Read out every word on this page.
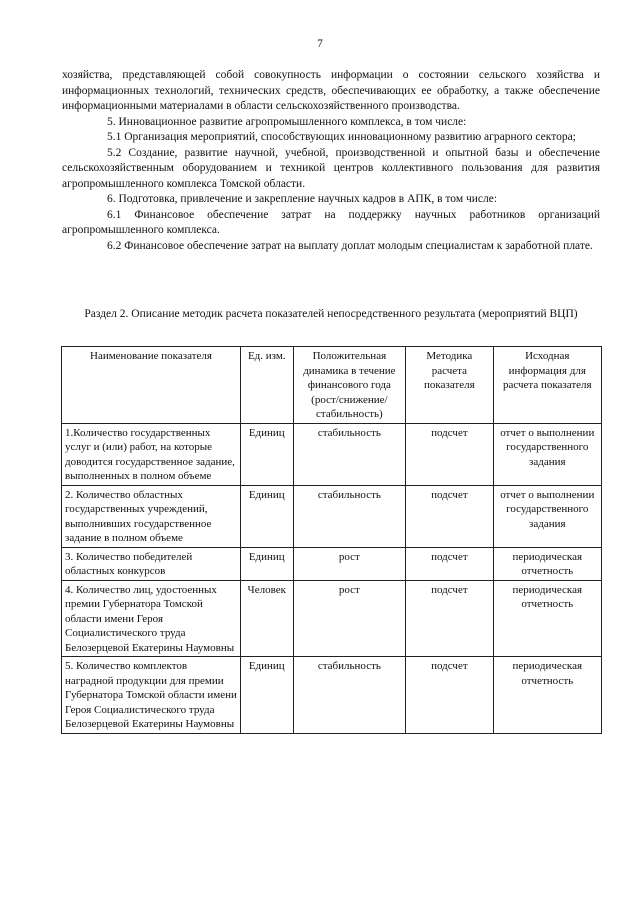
7

хозяйства, представляющей собой совокупность информации о состоянии сельского хозяйства и информационных технологий, технических средств, обеспечивающих ее обработку, а также обеспечение информационными материалами в области сельскохозяйственного производства.

5. Инновационное развитие агропромышленного комплекса, в том числе:

5.1 Организация мероприятий, способствующих инновационному развитию аграрного сектора;

5.2 Создание, развитие научной, учебной, производственной и опытной базы и обеспечение сельскохозяйственным оборудованием и техникой центров коллективного пользования для развития агропромышленного комплекса Томской области.

6. Подготовка, привлечение и закрепление научных кадров в АПК, в том числе:

6.1 Финансовое обеспечение затрат на поддержку научных работников организаций агропромышленного комплекса.

6.2 Финансовое обеспечение затрат на выплату доплат молодым специалистам к заработной плате.

Раздел 2. Описание методик расчета показателей непосредственного результата (мероприятий ВЦП)
Наименование показателя	Ед. изм.	Положительная динамика в течение финансового года (рост/снижение/стабильность)	Методика расчета показателя	Исходная информация для расчета показателя
1.Количество государственных услуг и (или) работ, на которые доводится государственное задание, выполненных в полном объеме	Единиц	стабильность	подсчет	отчет о выполнении государственного задания
2. Количество областных государственных учреждений, выполнивших государственное задание в полном объеме	Единиц	стабильность	подсчет	отчет о выполнении государственного задания
3. Количество победителей областных конкурсов	Единиц	рост	подсчет	периодическая отчетность
4. Количество лиц, удостоенных премии Губернатора Томской области имени Героя Социалистического труда Белозерцевой Екатерины Наумовны	Человек	рост	подсчет	периодическая отчетность
5. Количество комплектов наградной продукции для премии Губернатора Томской области имени Героя Социалистического труда Белозерцевой Екатерины Наумовны	Единиц	стабильность	подсчет	периодическая отчетность
